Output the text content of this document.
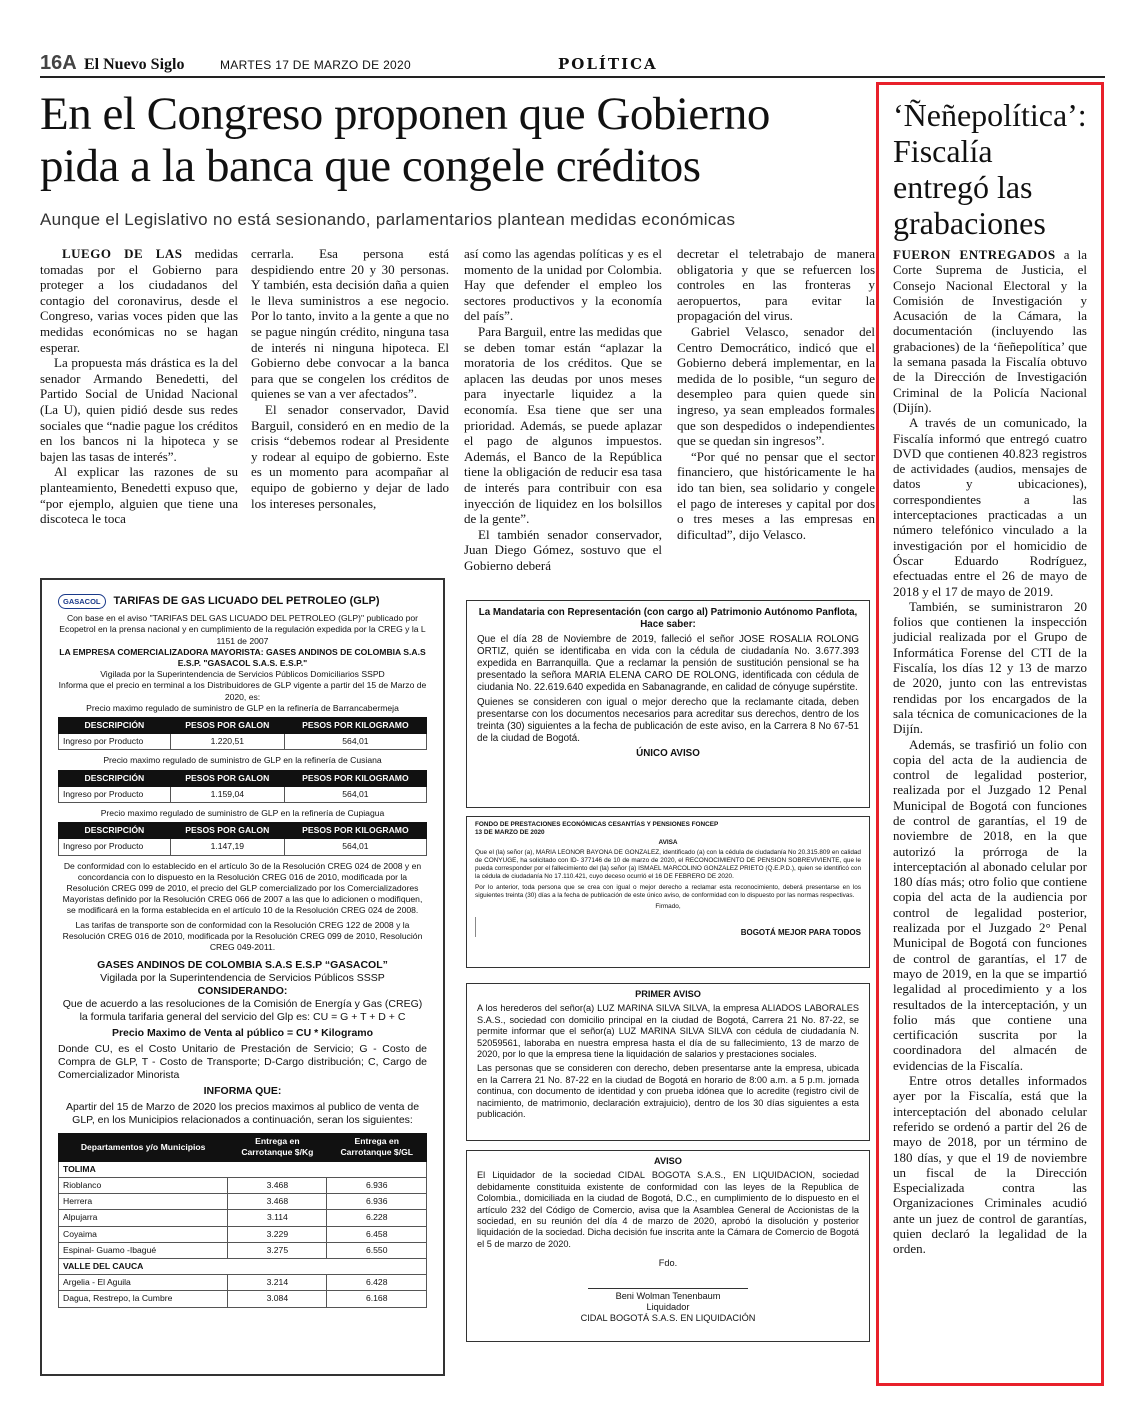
16A El Nuevo Siglo	MARTES 17 DE MARZO DE 2020	POLÍTICA
En el Congreso proponen que Gobierno pida a la banca que congele créditos
Aunque el Legislativo no está sesionando, parlamentarios plantean medidas económicas

LUEGO DE LAS medidas tomadas por el Gobierno para proteger a los ciudadanos del contagio del coronavirus, desde el Congreso, varias voces piden que las medidas económicas no se hagan esperar.

La propuesta más drástica es la del senador Armando Benedetti, del Partido Social de Unidad Nacional (La U), quien pidió desde sus redes sociales que “nadie pague los créditos en los bancos ni la hipoteca y se bajen las tasas de interés”.

Al explicar las razones de su planteamiento, Benedetti expuso que, “por ejemplo, alguien que tiene una discoteca le toca

cerrarla. Esa persona está despidiendo entre 20 y 30 personas. Y también, esta decisión daña a quien le lleva suministros a ese negocio. Por lo tanto, invito a la gente a que no se pague ningún crédito, ninguna tasa de interés ni ninguna hipoteca. El Gobierno debe convocar a la banca para que se congelen los créditos de quienes se van a ver afectados”.

El senador conservador, David Barguil, consideró en en medio de la crisis “debemos rodear al Presidente y rodear al equipo de gobierno. Este es un momento para acompañar al equipo de gobierno y dejar de lado los intereses personales,

así como las agendas políticas y es el momento de la unidad por Colombia. Hay que defender el empleo los sectores productivos y la economía del país”.

Para Barguil, entre las medidas que se deben tomar están “aplazar la moratoria de los créditos. Que se aplacen las deudas por unos meses para inyectarle liquidez a la economía. Esa tiene que ser una prioridad. Además, se puede aplazar el pago de algunos impuestos. Además, el Banco de la República tiene la obligación de reducir esa tasa de interés para contribuir con esa inyección de liquidez en los bolsillos de la gente”.

El también senador conservador, Juan Diego Gómez, sostuvo que el Gobierno deberá

decretar el teletrabajo de manera obligatoria y que se refuercen los controles en las fronteras y aeropuertos, para evitar la propagación del virus.

Gabriel Velasco, senador del Centro Democrático, indicó que el Gobierno deberá implementar, en la medida de lo posible, “un seguro de desempleo para quien quede sin ingreso, ya sean empleados formales que son despedidos o independientes que se quedan sin ingresos”.

“Por qué no pensar que el sector financiero, que históricamente le ha ido tan bien, sea solidario y congele el pago de intereses y capital por dos o tres meses a las empresas en dificultad”, dijo Velasco.

‘Ñeñepolítica’: Fiscalía entregó las grabaciones

FUERON ENTREGADOS a la Corte Suprema de Justicia, el Consejo Nacional Electoral y la Comisión de Investigación y Acusación de la Cámara, la documentación (incluyendo las grabaciones) de la ‘ñeñepolítica’ que la semana pasada la Fiscalía obtuvo de la Dirección de Investigación Criminal de la Policía Nacional (Dijín).

A través de un comunicado, la Fiscalía informó que entregó cuatro DVD que contienen 40.823 registros de actividades (audios, mensajes de datos y ubicaciones), correspondientes a las interceptaciones practicadas a un número telefónico vinculado a la investigación por el homicidio de Óscar Eduardo Rodríguez, efectuadas entre el 26 de mayo de 2018 y el 17 de mayo de 2019.

También, se suministraron 20 folios que contienen la inspección judicial realizada por el Grupo de Informática Forense del CTI de la Fiscalía, los días 12 y 13 de marzo de 2020, junto con las entrevistas rendidas por los encargados de la sala técnica de comunicaciones de la Dijín.

Además, se trasfirió un folio con copia del acta de la audiencia de control de legalidad posterior, realizada por el Juzgado 12 Penal Municipal de Bogotá con funciones de control de garantías, el 19 de noviembre de 2018, en la que autorizó la prórroga de la interceptación al abonado celular por 180 días más; otro folio que contiene copia del acta de la audiencia por control de legalidad posterior, realizada por el Juzgado 2° Penal Municipal de Bogotá con funciones de control de garantías, el 17 de mayo de 2019, en la que se impartió legalidad al procedimiento y a los resultados de la interceptación, y un folio más que contiene una certificación suscrita por la coordinadora del almacén de evidencias de la Fiscalía.

Entre otros detalles informados ayer por la Fiscalía, está que la interceptación del abonado celular referido se ordenó a partir del 26 de mayo de 2018, por un término de 180 días, y que el 19 de noviembre un fiscal de la Dirección Especializada contra las Organizaciones Criminales acudió ante un juez de control de garantías, quien declaró la legalidad de la orden.

GASACOL	TARIFAS DE GAS LICUADO DEL PETROLEO (GLP)
Con base en el aviso "TARIFAS DEL GAS LICUADO DEL PETROLEO (GLP)" publicado por Ecopetrol en la prensa nacional y en cumplimiento de la regulación expedida por la CREG y la L 1151 de 2007
LA EMPRESA COMERCIALIZADORA MAYORISTA: GASES ANDINOS DE COLOMBIA S.A.S E.S.P. "GASACOL S.A.S. E.S.P."
Vigilada por la Superintendencia de Servicios Públicos Domiciliarios SSPD
Informa que el precio en terminal a los Distribuidores de GLP vigente a partir del 15 de Marzo de 2020, es:
Precio maximo regulado de suministro de GLP en la refinería de Barrancabermeja
DESCRIPCIÓN	PESOS POR GALON	PESOS POR KILOGRAMO
Ingreso por Producto	1.220,51	564,01
Precio maximo regulado de suministro de GLP en la refinería de Cusiana
DESCRIPCIÓN	PESOS POR GALON	PESOS POR KILOGRAMO
Ingreso por Producto	1.159,04	564,01
Precio maximo regulado de suministro de GLP en la refinería de Cupiagua
DESCRIPCIÓN	PESOS POR GALON	PESOS POR KILOGRAMO
Ingreso por Producto	1.147,19	564,01
De conformidad con lo establecido en el artículo 3o de la Resolución CREG 024 de 2008 y en concordancia con lo dispuesto en la Resolución CREG 016 de 2010, modificada por la Resolución CREG 099 de 2010, el precio del GLP comercializado por los Comercializadores Mayoristas definido por la Resolución CREG 066 de 2007 a las que lo adicionen o modifiquen, se modificará en la forma establecida en el artículo 10 de la Resolución CREG 024 de 2008.
Las tarifas de transporte son de conformidad con la Resolución CREG 122 de 2008 y la Resolución CREG 016 de 2010, modificada por la Resolución CREG 099 de 2010, Resolución CREG 049-2011.
GASES ANDINOS DE COLOMBIA S.A.S E.S.P “GASACOL”
Vigilada por la Superintendencia de Servicios Públicos SSSP
CONSIDERANDO:
Que de acuerdo a las resoluciones de la Comisión de Energía y Gas (CREG) la formula tarifaria general del servicio del Glp es: CU = G + T + D + C
Precio Maximo de Venta al público = CU * Kilogramo
Donde CU, es el Costo Unitario de Prestación de Servicio; G - Costo de Compra de GLP, T - Costo de Transporte; D-Cargo distribución; C, Cargo de Comercializador Minorista
INFORMA QUE:
Apartir del 15 de Marzo de 2020 los precios maximos al publico de venta de GLP, en los Municipios relacionados a continuación, seran los siguientes:
Departamentos y/o Municipios	Entrega en Carrotanque $/Kg	Entrega en Carrotanque $/GL
TOLIMA		
Rioblanco	3.468	6.936
Herrera	3.468	6.936
Alpujarra	3.114	6.228
Coyaima	3.229	6.458
Espinal- Guamo -Ibagué	3.275	6.550
VALLE DEL CAUCA		
Argelia - El Aguila	3.214	6.428
Dagua, Restrepo, la Cumbre	3.084	6.168
La Mandataria con Representación (con cargo al) Patrimonio Autónomo Panflota,
Hace saber:

Que el día 28 de Noviembre de 2019, falleció el señor JOSE ROSALIA ROLONG ORTIZ, quién se identificaba en vida con la cédula de ciudadanía No. 3.677.393 expedida en Barranquilla. Que a reclamar la pensión de sustitución pensional se ha presentado la señora MARIA ELENA CARO DE ROLONG, identificada con cédula de ciudania No. 22.619.640 expedida en Sabanagrande, en calidad de cónyuge supérstite.

Quienes se consideren con igual o mejor derecho que la reclamante citada, deben presentarse con los documentos necesarios para acreditar sus derechos, dentro de los treinta (30) siguientes a la fecha de publicación de este aviso, en la Carrera 8 No 67-51 de la ciudad de Bogotá.

ÚNICO AVISO
FONDO DE PRESTACIONES ECONÓMICAS CESANTÍAS Y PENSIONES FONCEP
13 DE MARZO DE 2020
AVISA

Que el (la) señor (a), MARIA LEONOR BAYONA DE GONZALEZ, identificado (a) con la cédula de ciudadanía No 20.315.809 en calidad de CONYUGE, ha solicitado con ID- 377146 de 10 de marzo de 2020, el RECONOCIMIENTO DE PENSION SOBREVIVIENTE, que le pueda corresponder por el fallecimiento del (la) señor (a) ISMAEL MARCOLINO GONZALEZ PRIETO (Q.E.P.D.), quien se identificó con la cédula de ciudadanía No 17.110.421, cuyo deceso ocurrió el 16 DE FEBRERO DE 2020.

Por lo anterior, toda persona que se crea con igual o mejor derecho a reclamar esta reconocimiento, deberá presentarse en los siguientes treinta (30) días a la fecha de publicación de este único aviso, de conformidad con lo dispuesto por las normas respectivas.

Firmado,
BOGOTÁ MEJOR PARA TODOS
PRIMER AVISO

A los herederos del señor(a) LUZ MARINA SILVA SILVA, la empresa ALIADOS LABORALES S.A.S., sociedad con domicilio principal en la ciudad de Bogotá, Carrera 21 No. 87-22, se permite informar que el señor(a) LUZ MARINA SILVA SILVA con cédula de ciudadanía N. 52059561, laboraba en nuestra empresa hasta el día de su fallecimiento, 13 de marzo de 2020, por lo que la empresa tiene la liquidación de salarios y prestaciones sociales.

Las personas que se consideren con derecho, deben presentarse ante la empresa, ubicada en la Carrera 21 No. 87-22 en la ciudad de Bogotá en horario de 8:00 a.m. a 5 p.m. jornada continua, con documento de identidad y con prueba idónea que lo acredite (registro civil de nacimiento, de matrimonio, declaración extrajuicio), dentro de los 30 días siguientes a esta publicación.

AVISO

El Liquidador de la sociedad CIDAL BOGOTA S.A.S., EN LIQUIDACION, sociedad debidamente constituida existente de conformidad con las leyes de la Republica de Colombia., domiciliada en la ciudad de Bogotá, D.C., en cumplimiento de lo dispuesto en el artículo 232 del Código de Comercio, avisa que la Asamblea General de Accionistas de la sociedad, en su reunión del día 4 de marzo de 2020, aprobó la disolución y posterior liquidación de la sociedad. Dicha decisión fue inscrita ante la Cámara de Comercio de Bogotá el 5 de marzo de 2020.

Fdo.
Beni Wolman Tenenbaum
Liquidador
CIDAL BOGOTÁ S.A.S. EN LIQUIDACIÓN
